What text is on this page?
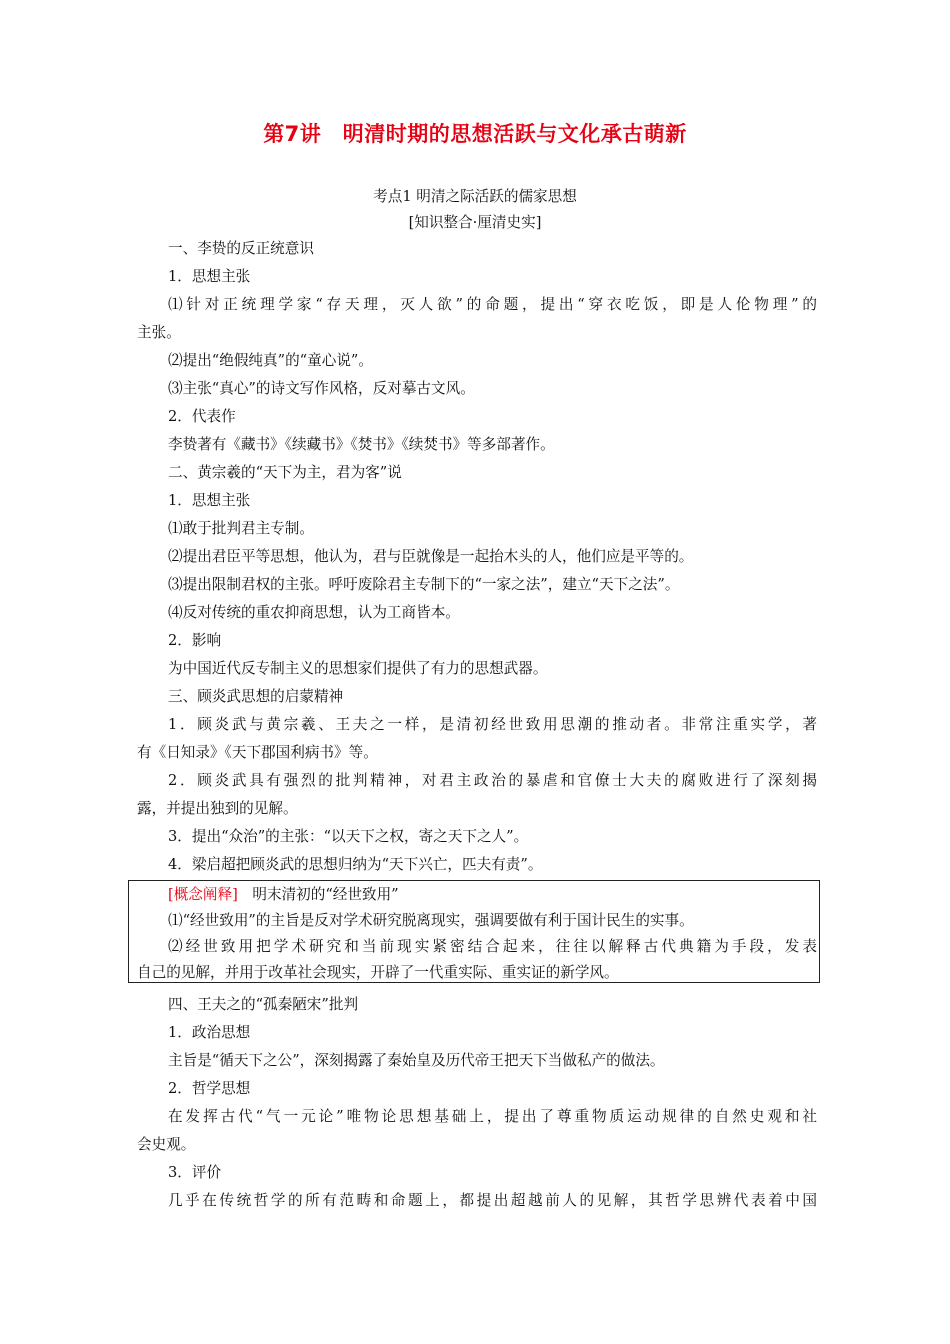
第7讲　明清时期的思想活跃与文化承古萌新
考点1 明清之际活跃的儒家思想
[知识整合·厘清史实]
一、李贽的反正统意识
1．思想主张
⑴针对正统理学家“存天理，灭人欲”的命题，提出“穿衣吃饭，即是人伦物理”的
主张。
⑵提出“绝假纯真”的“童心说”。
⑶主张“真心”的诗文写作风格，反对摹古文风。
2．代表作
李贽著有《藏书》《续藏书》《焚书》《续焚书》等多部著作。
二、黄宗羲的“天下为主，君为客”说
1．思想主张
⑴敢于批判君主专制。
⑵提出君臣平等思想，他认为，君与臣就像是一起抬木头的人，他们应是平等的。
⑶提出限制君权的主张。呼吁废除君主专制下的“一家之法”，建立“天下之法”。
⑷反对传统的重农抑商思想，认为工商皆本。
2．影响
为中国近代反专制主义的思想家们提供了有力的思想武器。
三、顾炎武思想的启蒙精神
1．顾炎武与黄宗羲、王夫之一样，是清初经世致用思潮的推动者。非常注重实学，著
有《日知录》《天下郡国利病书》等。
2．顾炎武具有强烈的批判精神，对君主政治的暴虐和官僚士大夫的腐败进行了深刻揭
露，并提出独到的见解。
3．提出“众治”的主张：“以天下之权，寄之天下之人”。
4．梁启超把顾炎武的思想归纳为“天下兴亡，匹夫有责”。
[概念阐释]　 明末清初的“经世致用”
⑴“经世致用”的主旨是反对学术研究脱离现实，强调要做有利于国计民生的实事。
⑵经世致用把学术研究和当前现实紧密结合起来，往往以解释古代典籍为手段，发表
自己的见解，并用于改革社会现实，开辟了一代重实际、重实证的新学风。
四、王夫之的“孤秦陋宋”批判
1．政治思想
主旨是“循天下之公”，深刻揭露了秦始皇及历代帝王把天下当做私产的做法。
2．哲学思想
在发挥古代“气一元论”唯物论思想基础上，提出了尊重物质运动规律的自然史观和社
会史观。
3．评价
几乎在传统哲学的所有范畴和命题上，都提出超越前人的见解，其哲学思辨代表着中国
